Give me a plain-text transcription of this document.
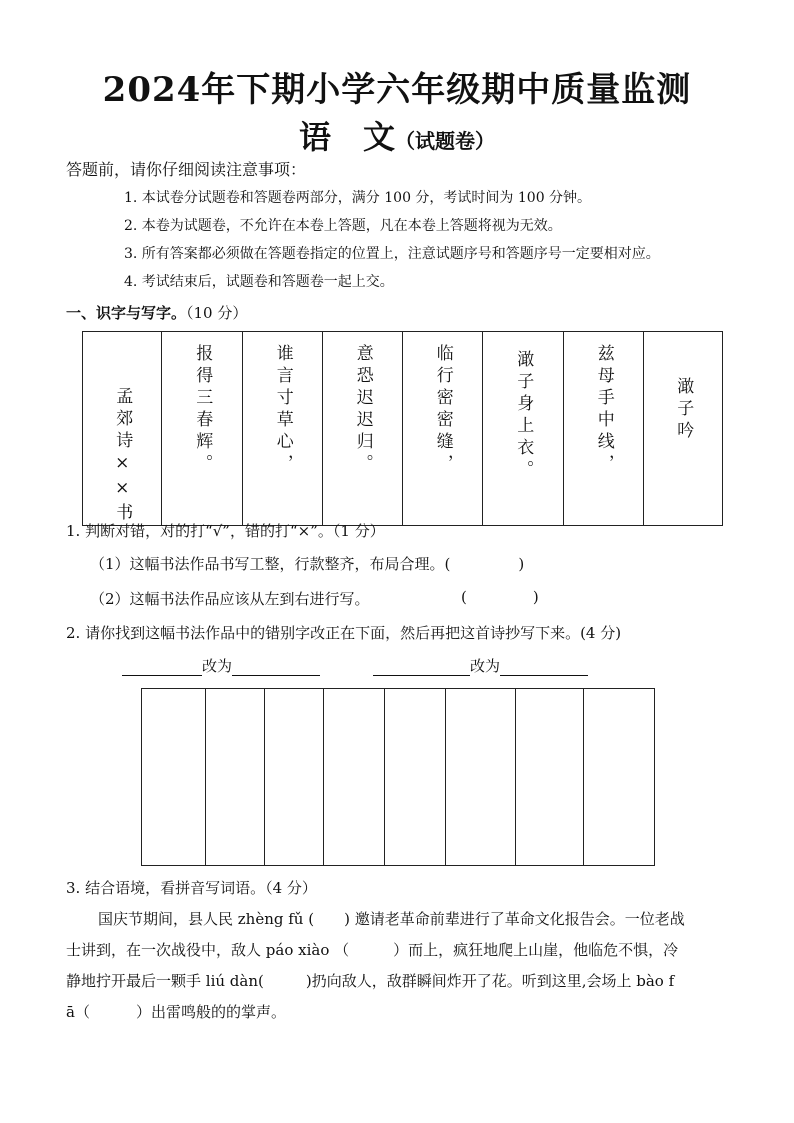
2024年下期小学六年级期中质量监测
语　文（试题卷）
答题前，请你仔细阅读注意事项：
1. 本试卷分试题卷和答题卷两部分，满分 100 分，考试时间为 100 分钟。
2. 本卷为试题卷，不允许在本卷上答题，凡在本卷上答题将视为无效。
3. 所有答案都必须做在答题卷指定的位置上，注意试题序号和答题序号一定要相对应。
4. 考试结束后，试题卷和答题卷一起上交。
一、识字与写字。（10 分）
孟郊诗××书	报得三春辉。	谁言寸草心，	意恐迟迟归。	临行密密缝，	澉子身上衣。	兹母手中线，	澉子吟
1. 判断对错，对的打“√”，错的打“×”。（1 分）
（1）这幅书法作品书写工整，行款整齐，布局合理。(	)
（2）这幅书法作品应该从左到右进行写。	(	)
2. 请你找到这幅书法作品中的错别字改正在下面，然后再把这首诗抄写下来。(4 分)
改为	改为
3. 结合语境，看拼音写词语。（4 分）
国庆节期间，县人民 zhèng fǔ ( ) 邀请老革命前辈进行了革命文化报告会。一位老战
士讲到，在一次战役中，敌人 páo xiào （	）而上，疯狂地爬上山崖，他临危不惧，冷
静地拧开最后一颗手 liú dàn(	)扔向敌人，敌群瞬间炸开了花。听到这里,会场上 bào f
ā（	）出雷鸣般的的掌声。
